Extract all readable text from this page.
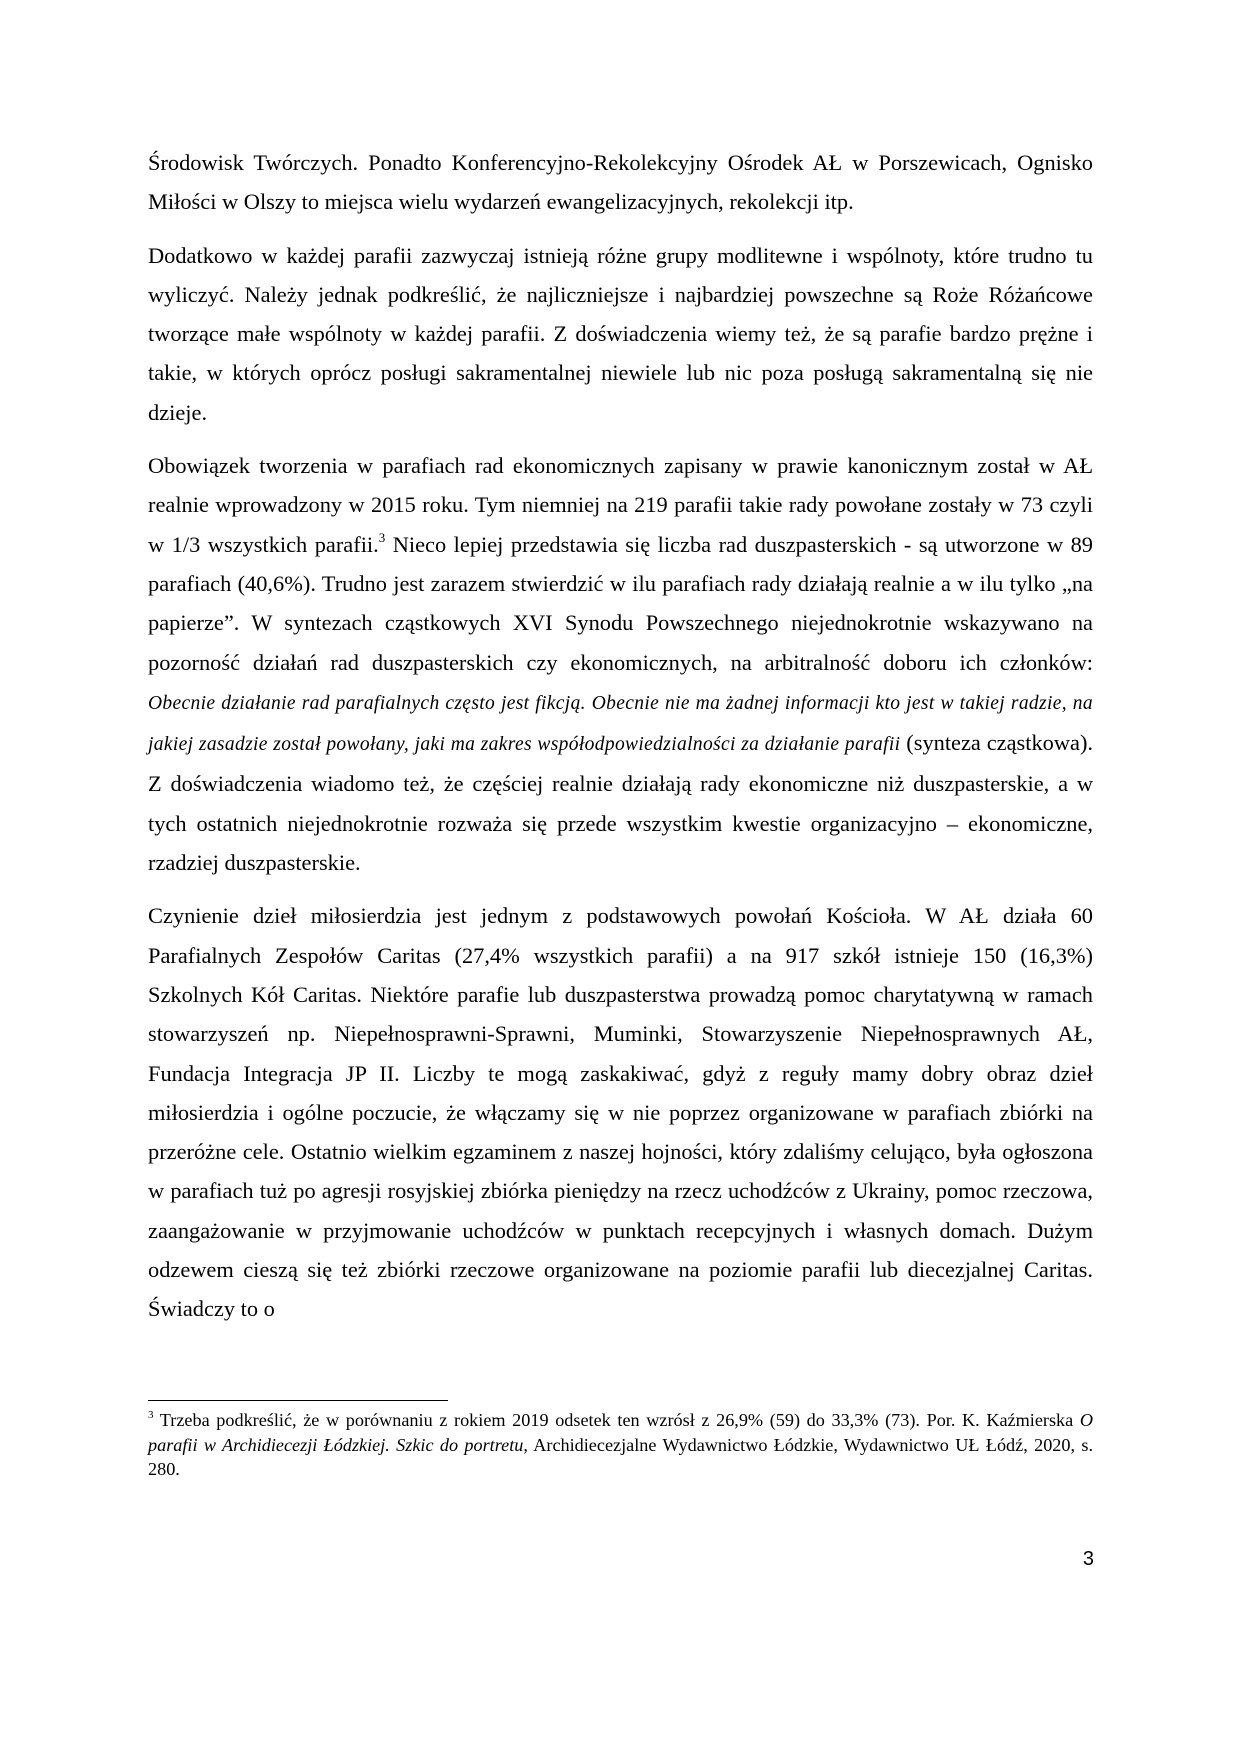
Środowisk Twórczych. Ponadto Konferencyjno-Rekolekcyjny Ośrodek AŁ w Porszewicach, Ognisko Miłości w Olszy to miejsca wielu wydarzeń ewangelizacyjnych, rekolekcji itp.

Dodatkowo w każdej parafii zazwyczaj istnieją różne grupy modlitewne i wspólnoty, które trudno tu wyliczyć. Należy jednak podkreślić, że najliczniejsze i najbardziej powszechne są Roże Różańcowe tworzące małe wspólnoty w każdej parafii. Z doświadczenia wiemy też, że są parafie bardzo prężne i takie, w których oprócz posługi sakramentalnej niewiele lub nic poza posługą sakramentalną się nie dzieje.

Obowiązek tworzenia w parafiach rad ekonomicznych zapisany w prawie kanonicznym został w AŁ realnie wprowadzony w 2015 roku. Tym niemniej na 219 parafii takie rady powołane zostały w 73 czyli w 1/3 wszystkich parafii.$^3$ Nieco lepiej przedstawia się liczba rad duszpasterskich - są utworzone w 89 parafiach (40,6%). Trudno jest zarazem stwierdzić w ilu parafiach rady działają realnie a w ilu tylko „na papierze”. W syntezach cząstkowych XVI Synodu Powszechnego niejednokrotnie wskazywano na pozorność działań rad duszpasterskich czy ekonomicznych, na arbitralność doboru ich członków: Obecnie działanie rad parafialnych często jest fikcją. Obecnie nie ma żadnej informacji kto jest w takiej radzie, na jakiej zasadzie został powołany, jaki ma zakres współodpowiedzialności za działanie parafii (synteza cząstkowa). Z doświadczenia wiadomo też, że częściej realnie działają rady ekonomiczne niż duszpasterskie, a w tych ostatnich niejednokrotnie rozważa się przede wszystkim kwestie organizacyjno – ekonomiczne, rzadziej duszpasterskie.

Czynienie dzieł miłosierdzia jest jednym z podstawowych powołań Kościoła. W AŁ działa 60 Parafialnych Zespołów Caritas (27,4% wszystkich parafii) a na 917 szkół istnieje 150 (16,3%) Szkolnych Kół Caritas. Niektóre parafie lub duszpasterstwa prowadzą pomoc charytatywną w ramach stowarzyszeń np. Niepełnosprawni-Sprawni, Muminki, Stowarzyszenie Niepełnosprawnych AŁ, Fundacja Integracja JP II. Liczby te mogą zaskakiwać, gdyż z reguły mamy dobry obraz dzieł miłosierdzia i ogólne poczucie, że włączamy się w nie poprzez organizowane w parafiach zbiórki na przeróżne cele. Ostatnio wielkim egzaminem z naszej hojności, który zdaliśmy celująco, była ogłoszona w parafiach tuż po agresji rosyjskiej zbiórka pieniędzy na rzecz uchodźców z Ukrainy, pomoc rzeczowa, zaangażowanie w przyjmowanie uchodźców w punktach recepcyjnych i własnych domach. Dużym odzewem cieszą się też zbiórki rzeczowe organizowane na poziomie parafii lub diecezjalnej Caritas. Świadczy to o

$^3$ Trzeba podkreślić, że w porównaniu z rokiem 2019 odsetek ten wzrósł z 26,9% (59) do 33,3% (73). Por. K. Kaźmierska O parafii w Archidiecezji Łódzkiej. Szkic do portretu, Archidiecezjalne Wydawnictwo Łódzkie, Wydawnictwo UŁ Łódź, 2020, s. 280.
3
